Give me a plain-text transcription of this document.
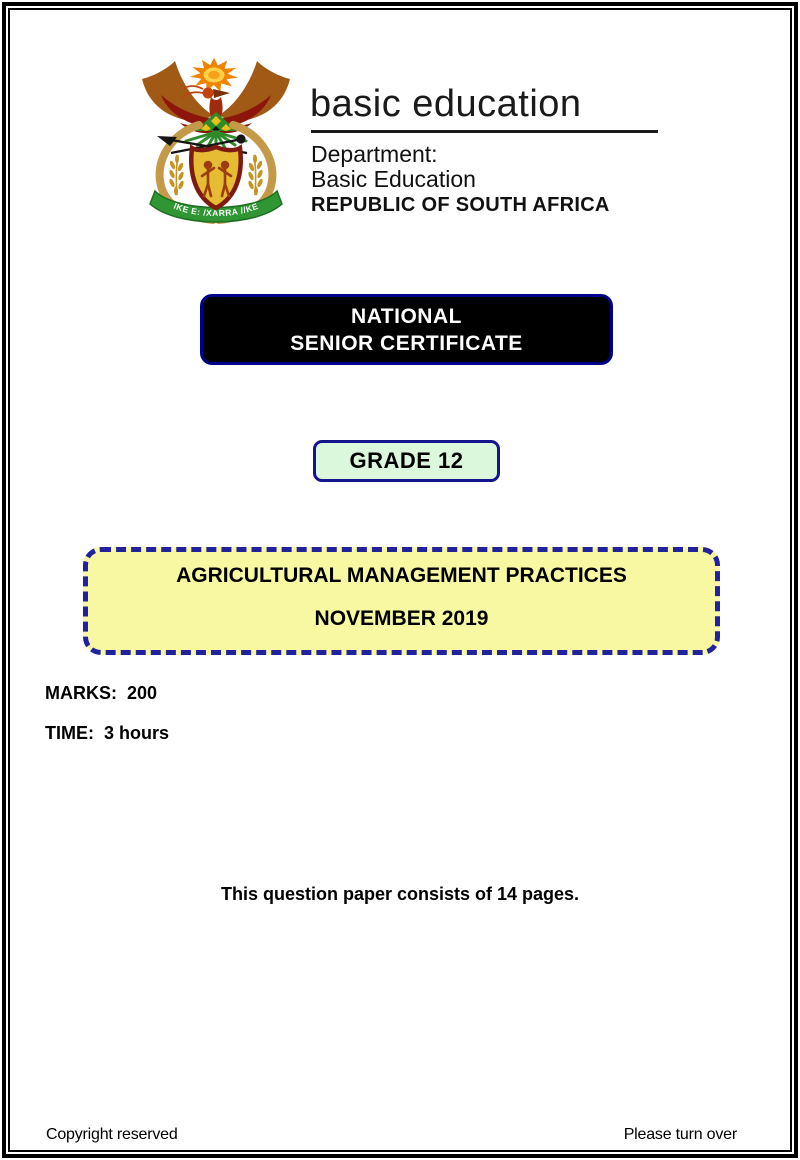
IKE E: /XARRA //KE
basic education
Department:
Basic Education
REPUBLIC OF SOUTH AFRICA
NATIONAL
SENIOR CERTIFICATE
GRADE 12
AGRICULTURAL MANAGEMENT PRACTICES
NOVEMBER 2019
MARKS: 200
TIME: 3 hours
This question paper consists of 14 pages.
Copyright reserved	Please turn over
